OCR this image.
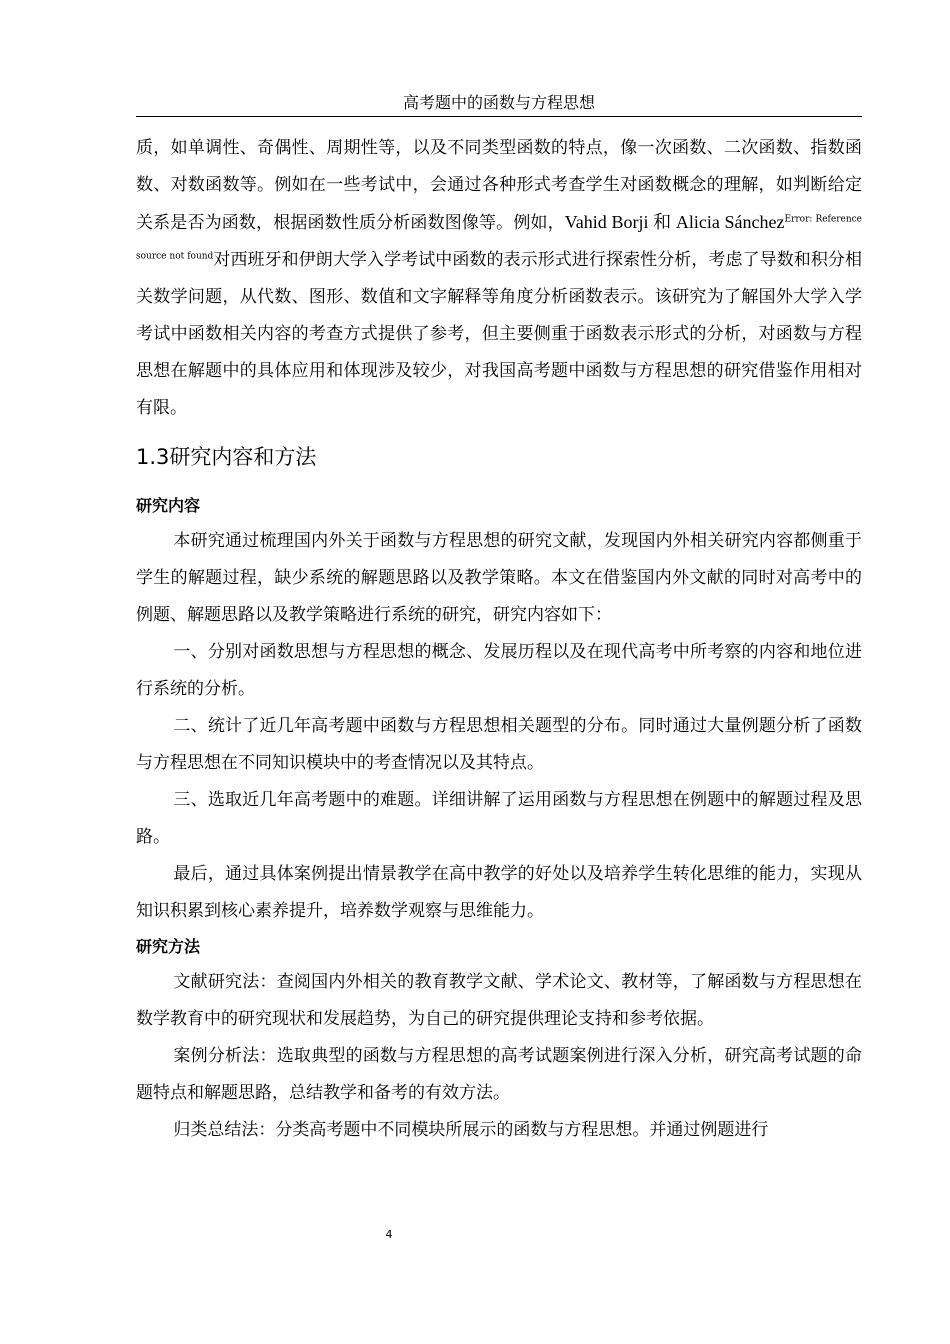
高考题中的函数与方程思想

质，如单调性、奇偶性、周期性等，以及不同类型函数的特点，像一次函数、二次函数、指数函数、对数函数等。例如在一些考试中，会通过各种形式考查学生对函数概念的理解，如判断给定关系是否为函数，根据函数性质分析函数图像等。例如，Vahid Borji 和 Alicia Sánchez$^{Error: Reference source not found}$对西班牙和伊朗大学入学考试中函数的表示形式进行探索性分析，考虑了导数和积分相关数学问题，从代数、图形、数值和文字解释等角度分析函数表示。该研究为了解国外大学入学考试中函数相关内容的考查方式提供了参考，但主要侧重于函数表示形式的分析，对函数与方程思想在解题中的具体应用和体现涉及较少，对我国高考题中函数与方程思想的研究借鉴作用相对有限。

1.3研究内容和方法
研究内容

本研究通过梳理国内外关于函数与方程思想的研究文献，发现国内外相关研究内容都侧重于学生的解题过程，缺少系统的解题思路以及教学策略。本文在借鉴国内外文献的同时对高考中的例题、解题思路以及教学策略进行系统的研究，研究内容如下：

一、分别对函数思想与方程思想的概念、发展历程以及在现代高考中所考察的内容和地位进行系统的分析。

二、统计了近几年高考题中函数与方程思想相关题型的分布。同时通过大量例题分析了函数与方程思想在不同知识模块中的考查情况以及其特点。

三、选取近几年高考题中的难题。详细讲解了运用函数与方程思想在例题中的解题过程及思路。

最后，通过具体案例提出情景教学在高中教学的好处以及培养学生转化思维的能力，实现从知识积累到核心素养提升，培养数学观察与思维能力。

研究方法

文献研究法：查阅国内外相关的教育教学文献、学术论文、教材等，了解函数与方程思想在数学教育中的研究现状和发展趋势，为自己的研究提供理论支持和参考依据。

案例分析法：选取典型的函数与方程思想的高考试题案例进行深入分析，研究高考试题的命题特点和解题思路，总结教学和备考的有效方法。

归类总结法：分类高考题中不同模块所展示的函数与方程思想。并通过例题进行

4
